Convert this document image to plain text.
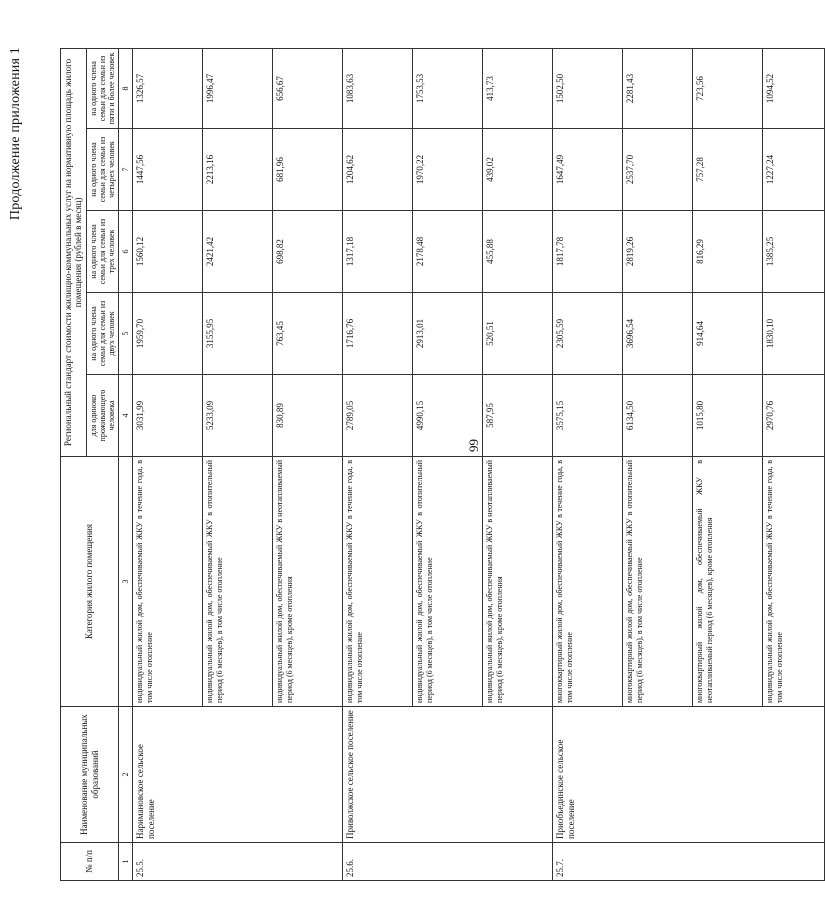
99
Продолжение приложения 1
№ п/п	Наименование муниципальных образований	Категория жилого помещения	Региональный стандарт стоимости жилищно-коммунальных услуг на нормативную площадь жилого помещения (рублей в месяц)				
			для одиноко проживающего человека	на одного члена семьи для семьи из двух человек	на одного члена семьи для семьи из трех человек	на одного члена семьи для семьи из четырех человек	на одного члена семьи для семьи из пяти и более человек
1	2	3	4	5	6	7	8
25.5.	Наримановское сельское поселение	индивидуальный жилой дом, обеспечиваемый ЖКУ в течение года, в том числе отопление	3031,99	1959,70	1560,12	1447,56	1326,57
		индивидуальный жилой дом, обеспечиваемый ЖКУ в отопительный период (6 месяцев), в том числе отопление	5233,09	3155,95	2421,42	2213,16	1996,47
		индивидуальный жилой дом, обеспечиваемый ЖКУ в неотапливаемый период (6 месяцев), кроме отопления	830,89	763,45	698,82	681,96	656,67
25.6.	Приволжское сельское поселение	индивидуальный жилой дом, обеспечиваемый ЖКУ в течение года, в том числе отопление	2789,05	1716,76	1317,18	1204,62	1083,63
		индивидуальный жилой дом, обеспечиваемый ЖКУ в отопительный период (6 месяцев), в том числе отопление	4990,15	2913,01	2178,48	1970,22	1753,53
		индивидуальный жилой дом, обеспечиваемый ЖКУ в неотапливаемый период (6 месяцев), кроме отопления	587,95	520,51	455,88	439,02	413,73
25.7.	Приобъединское сельское поселение	многоквартирный жилой дом, обеспечиваемый ЖКУ в течение года, в том числе отопление	3575,15	2305,59	1817,78	1647,49	1502,50
		многоквартирный жилой дом, обеспечиваемый ЖКУ в отопительный период (6 месяцев), в том числе отопление	6134,50	3696,54	2819,26	2537,70	2281,43
		многоквартирный жилой дом, обеспечиваемый ЖКУ в неотапливаемый период (6 месяцев), кроме отопления	1015,80	914,64	816,29	757,28	723,56
		индивидуальный жилой дом, обеспечиваемый ЖКУ в течение года, в том числе отопление	2970,76	1830,10	1385,25	1227,24	1094,52
